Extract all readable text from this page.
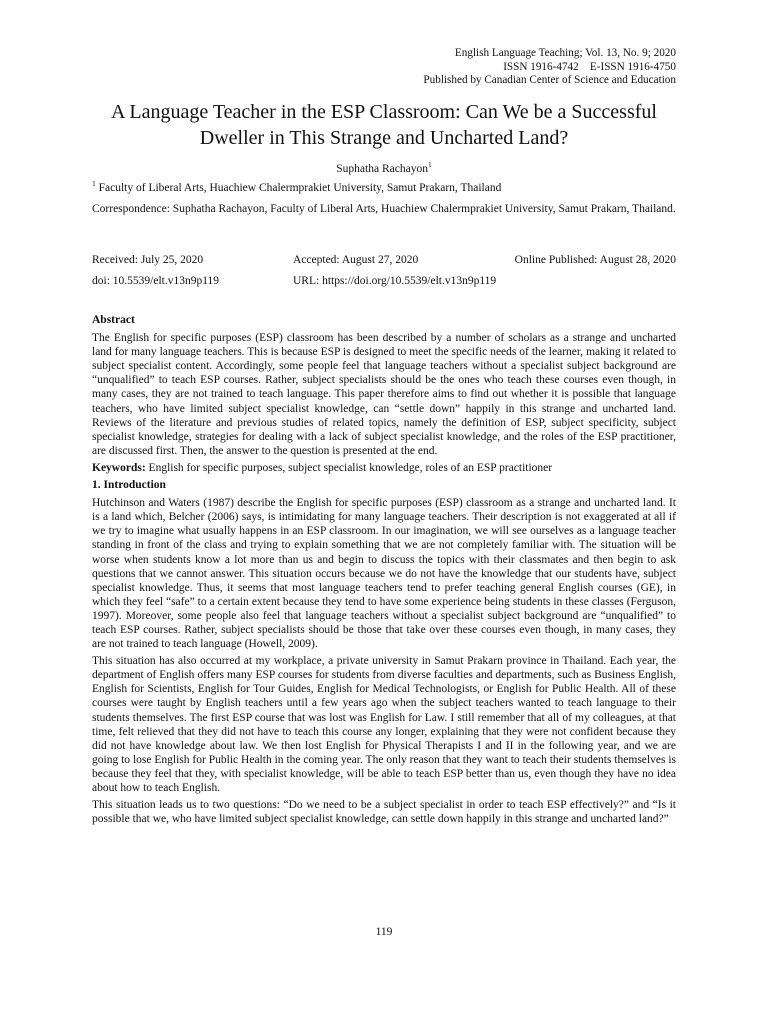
English Language Teaching; Vol. 13, No. 9; 2020
ISSN 1916-4742    E-ISSN 1916-4750
Published by Canadian Center of Science and Education
A Language Teacher in the ESP Classroom: Can We be a Successful Dweller in This Strange and Uncharted Land?
Suphatha Rachayon$^1$
$^1$ Faculty of Liberal Arts, Huachiew Chalermprakiet University, Samut Prakarn, Thailand
Correspondence: Suphatha Rachayon, Faculty of Liberal Arts, Huachiew Chalermprakiet University, Samut Prakarn, Thailand.
Received: July 25, 2020	Accepted: August 27, 2020	Online Published: August 28, 2020
doi: 10.5539/elt.v13n9p119	URL: https://doi.org/10.5539/elt.v13n9p119
Abstract

The English for specific purposes (ESP) classroom has been described by a number of scholars as a strange and uncharted land for many language teachers. This is because ESP is designed to meet the specific needs of the learner, making it related to subject specialist content. Accordingly, some people feel that language teachers without a specialist subject background are “unqualified” to teach ESP courses. Rather, subject specialists should be the ones who teach these courses even though, in many cases, they are not trained to teach language. This paper therefore aims to find out whether it is possible that language teachers, who have limited subject specialist knowledge, can “settle down” happily in this strange and uncharted land. Reviews of the literature and previous studies of related topics, namely the definition of ESP, subject specificity, subject specialist knowledge, strategies for dealing with a lack of subject specialist knowledge, and the roles of the ESP practitioner, are discussed first. Then, the answer to the question is presented at the end.

Keywords: English for specific purposes, subject specialist knowledge, roles of an ESP practitioner

1. Introduction

Hutchinson and Waters (1987) describe the English for specific purposes (ESP) classroom as a strange and uncharted land. It is a land which, Belcher (2006) says, is intimidating for many language teachers. Their description is not exaggerated at all if we try to imagine what usually happens in an ESP classroom. In our imagination, we will see ourselves as a language teacher standing in front of the class and trying to explain something that we are not completely familiar with. The situation will be worse when students know a lot more than us and begin to discuss the topics with their classmates and then begin to ask questions that we cannot answer. This situation occurs because we do not have the knowledge that our students have, subject specialist knowledge. Thus, it seems that most language teachers tend to prefer teaching general English courses (GE), in which they feel “safe” to a certain extent because they tend to have some experience being students in these classes (Ferguson, 1997). Moreover, some people also feel that language teachers without a specialist subject background are “unqualified” to teach ESP courses. Rather, subject specialists should be those that take over these courses even though, in many cases, they are not trained to teach language (Howell, 2009).

This situation has also occurred at my workplace, a private university in Samut Prakarn province in Thailand. Each year, the department of English offers many ESP courses for students from diverse faculties and departments, such as Business English, English for Scientists, English for Tour Guides, English for Medical Technologists, or English for Public Health. All of these courses were taught by English teachers until a few years ago when the subject teachers wanted to teach language to their students themselves. The first ESP course that was lost was English for Law. I still remember that all of my colleagues, at that time, felt relieved that they did not have to teach this course any longer, explaining that they were not confident because they did not have knowledge about law. We then lost English for Physical Therapists I and II in the following year, and we are going to lose English for Public Health in the coming year. The only reason that they want to teach their students themselves is because they feel that they, with specialist knowledge, will be able to teach ESP better than us, even though they have no idea about how to teach English.

This situation leads us to two questions: “Do we need to be a subject specialist in order to teach ESP effectively?” and “Is it possible that we, who have limited subject specialist knowledge, can settle down happily in this strange and uncharted land?”

119
